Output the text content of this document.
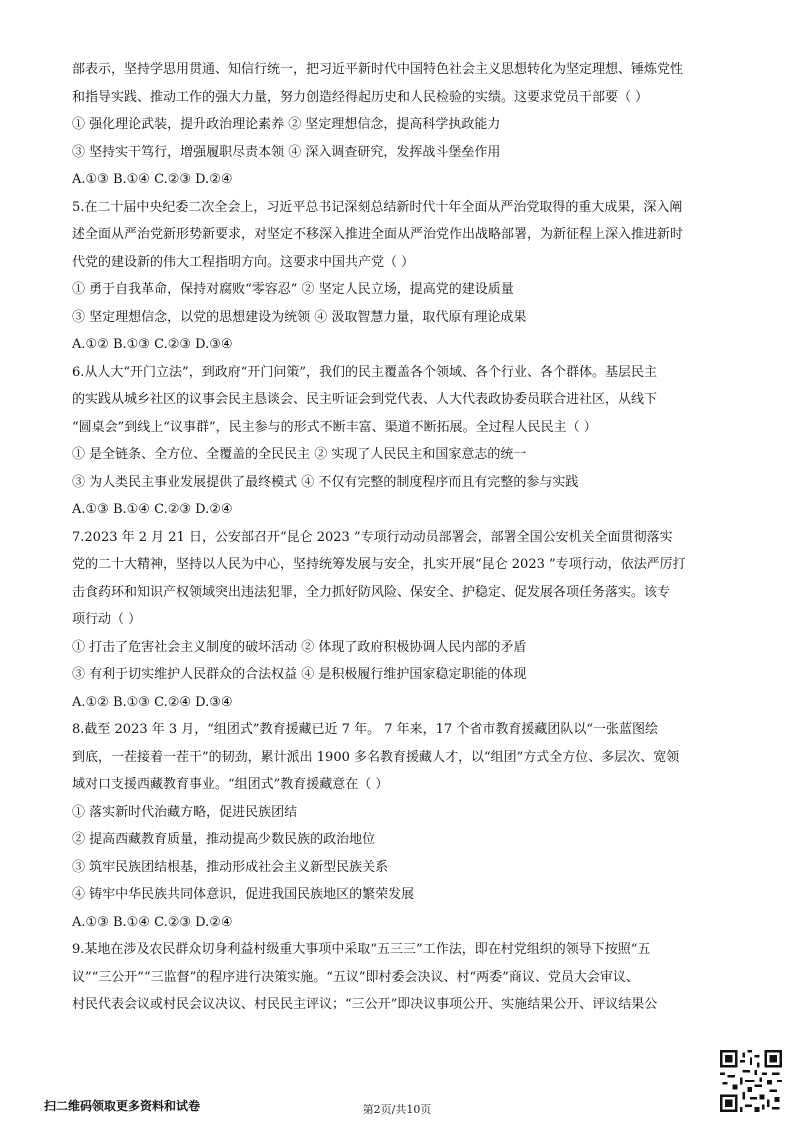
部表示，坚持学思用贯通、知信行统一，把习近平新时代中国特色社会主义思想转化为坚定理想、锤炼党性

和指导实践、推动工作的强大力量，努力创造经得起历史和人民检验的实绩。这要求党员干部要（ ）

① 强化理论武装，提升政治理论素养 ② 坚定理想信念，提高科学执政能力

③ 坚持实干笃行，增强履职尽责本领 ④ 深入调查研究，发挥战斗堡垒作用

A.①③ B.①④ C.②③ D.②④

5.在二十届中央纪委二次全会上，习近平总书记深刻总结新时代十年全面从严治党取得的重大成果，深入阐

述全面从严治党新形势新要求，对坚定不移深入推进全面从严治党作出战略部署，为新征程上深入推进新时

代党的建设新的伟大工程指明方向。这要求中国共产党（ ）

① 勇于自我革命，保持对腐败“零容忍” ② 坚定人民立场，提高党的建设质量

③ 坚定理想信念，以党的思想建设为统领 ④ 汲取智慧力量，取代原有理论成果

A.①② B.①③ C.②③ D.③④

6.从人大“开门立法”，到政府“开门问策”，我们的民主覆盖各个领域、各个行业、各个群体。基层民主

的实践从城乡社区的议事会民主恳谈会、民主听证会到党代表、人大代表政协委员联合进社区，从线下

“圆桌会”到线上“议事群”，民主参与的形式不断丰富、渠道不断拓展。全过程人民民主（ ）

① 是全链条、全方位、全覆盖的全民民主 ② 实现了人民民主和国家意志的统一

③ 为人类民主事业发展提供了最终模式 ④ 不仅有完整的制度程序而且有完整的参与实践

A.①③ B.①④ C.②③ D.②④

7.2023 年 2 月 21 日，公安部召开“昆仑 2023 ”专项行动动员部署会，部署全国公安机关全面贯彻落实

党的二十大精神，坚持以人民为中心，坚持统筹发展与安全，扎实开展“昆仑 2023 ”专项行动，依法严厉打

击食药环和知识产权领域突出违法犯罪，全力抓好防风险、保安全、护稳定、促发展各项任务落实。该专

项行动（ ）

① 打击了危害社会主义制度的破坏活动 ② 体现了政府积极协调人民内部的矛盾

③ 有利于切实维护人民群众的合法权益 ④ 是积极履行维护国家稳定职能的体现

A.①② B.①③ C.②④ D.③④

8.截至 2023 年 3 月，“组团式”教育援藏已近 7 年。 7 年来，17 个省市教育援藏团队以“一张蓝图绘

到底，一茬接着一茬干”的韧劲，累计派出 1900 多名教育援藏人才，以“组团”方式全方位、多层次、宽领

域对口支援西藏教育事业。“组团式”教育援藏意在（ ）

① 落实新时代治藏方略，促进民族团结

② 提高西藏教育质量，推动提高少数民族的政治地位

③ 筑牢民族团结根基，推动形成社会主义新型民族关系

④ 铸牢中华民族共同体意识，促进我国民族地区的繁荣发展

A.①③ B.①④ C.②③ D.②④

9.某地在涉及农民群众切身利益村级重大事项中采取“五三三”工作法，即在村党组织的领导下按照“五

议”“三公开”“三监督”的程序进行决策实施。“五议”即村委会决议、村“两委”商议、党员大会审议、

村民代表会议或村民会议决议、村民民主评议；“三公开”即决议事项公开、实施结果公开、评议结果公

扫二维码领取更多资料和试卷	第2页/共10页
